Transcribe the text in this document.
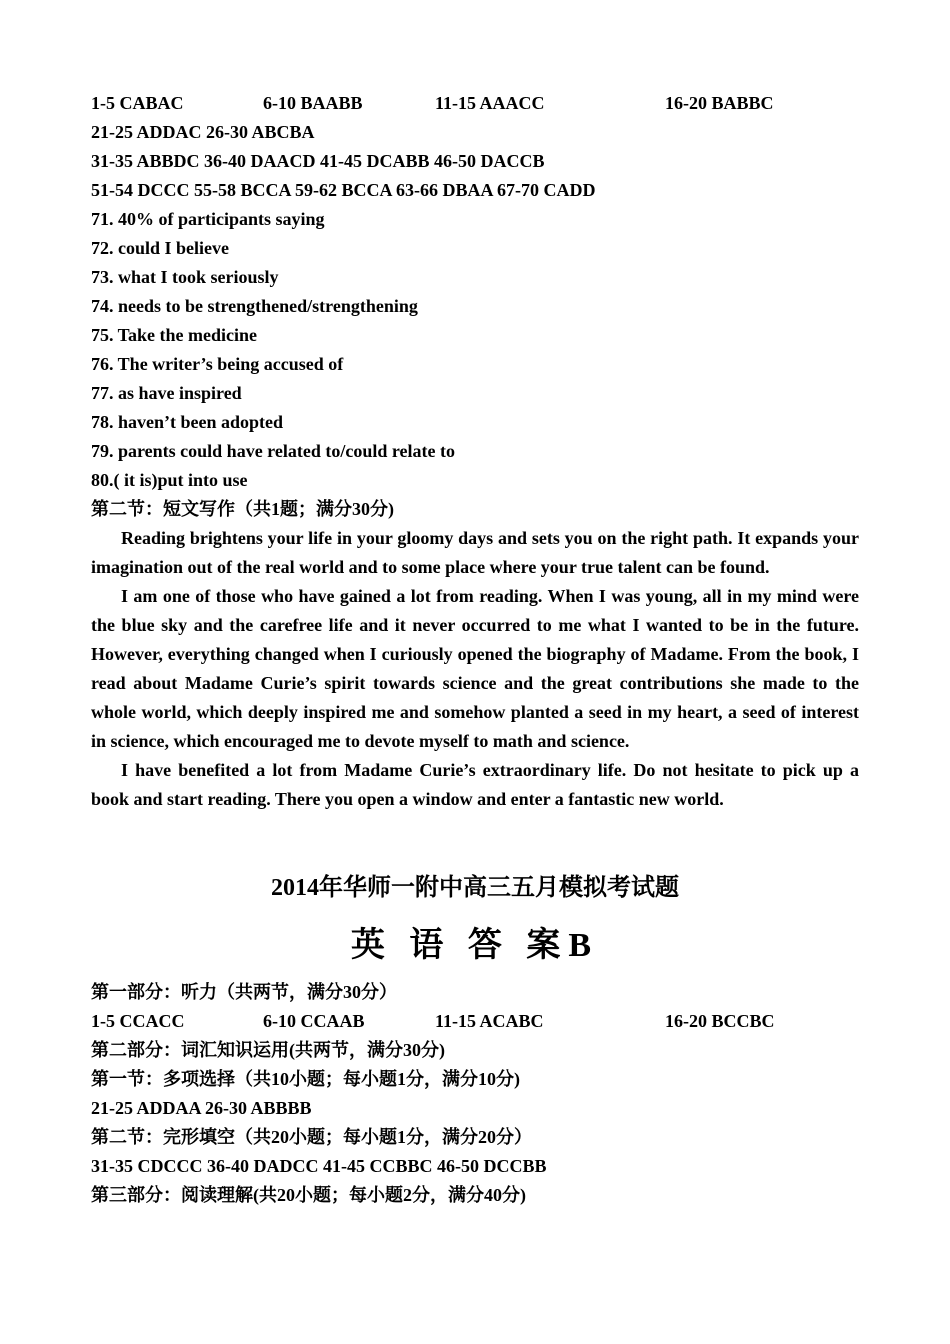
1-5 CABAC	6-10 BAABB	11-15 AAACC	16-20 BABBC
21-25 ADDAC 26-30 ABCBA
31-35 ABBDC 36-40 DAACD 41-45 DCABB 46-50 DACCB
51-54 DCCC 55-58 BCCA 59-62 BCCA 63-66 DBAA 67-70 CADD
71. 40% of participants saying
72. could I believe
73. what I took seriously
74. needs to be strengthened/strengthening
75. Take the medicine
76. The writer’s being accused of
77. as have inspired
78. haven’t been adopted
79. parents could have related to/could relate to
80.( it is)put into use
第二节：短文写作（共1题；满分30分)

Reading brightens your life in your gloomy days and sets you on the right path. It expands your imagination out of the real world and to some place where your true talent can be found.

I am one of those who have gained a lot from reading. When I was young, all in my mind were the blue sky and the carefree life and it never occurred to me what I wanted to be in the future. However, everything changed when I curiously opened the biography of Madame. From the book, I read about Madame Curie’s spirit towards science and the great contributions she made to the whole world, which deeply inspired me and somehow planted a seed in my heart, a seed of interest in science, which encouraged me to devote myself to math and science.

I have benefited a lot from Madame Curie’s extraordinary life. Do not hesitate to pick up a book and start reading. There you open a window and enter a fantastic new world.

2014年华师一附中高三五月模拟考试题
英 语 答 案B
第一部分：听力（共两节，满分30分）
1-5 CCACC	6-10 CCAAB	11-15 ACABC	16-20 BCCBC
第二部分：词汇知识运用(共两节，满分30分)
第一节：多项选择（共10小题；每小题1分，满分10分)
21-25 ADDAA 26-30 ABBBB
第二节：完形填空（共20小题；每小题1分，满分20分）
31-35 CDCCC 36-40 DADCC 41-45 CCBBC 46-50 DCCBB
第三部分：阅读理解(共20小题；每小题2分，满分40分)
